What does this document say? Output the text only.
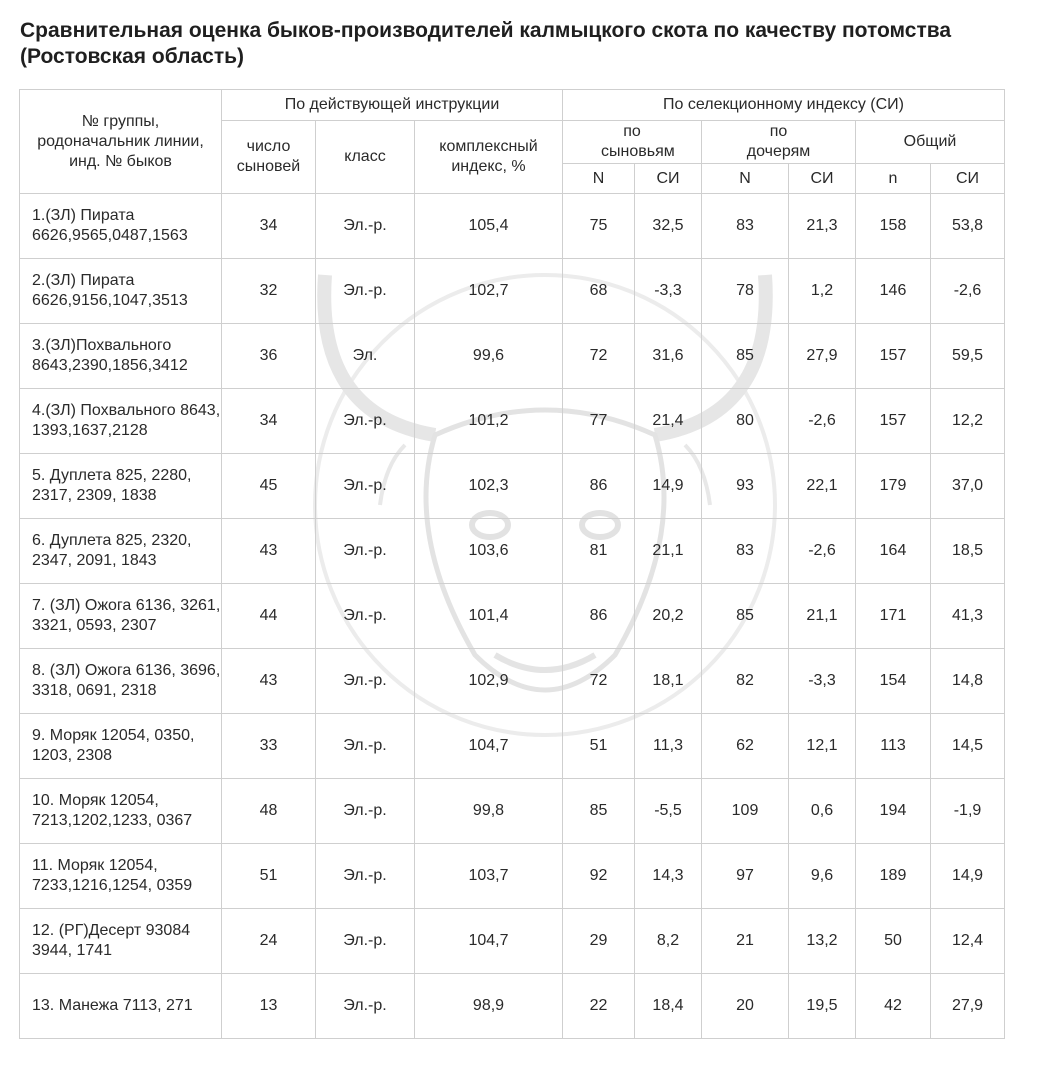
Сравнительная оценка быков-производителей калмыцкого скота по качеству потомства (Ростовская область)
№ группы, родоначальник линии, инд. № быков	По действующей инструкции			По селекционному индексу (СИ)					
	число сыновей	класс	комплексный индекс, %	по сыновьям		по дочерям		Общий	
				N	СИ	N	СИ	n	СИ
1.(ЗЛ) Пирата 6626,9565,0487,1563	34	Эл.-р.	105,4	75	32,5	83	21,3	158	53,8
2.(ЗЛ) Пирата 6626,9156,1047,3513	32	Эл.-р.	102,7	68	-3,3	78	1,2	146	-2,6
3.(ЗЛ)Похвального 8643,2390,1856,3412	36	Эл.	99,6	72	31,6	85	27,9	157	59,5
4.(ЗЛ) Похвального 8643, 1393,1637,2128	34	Эл.-р.	101,2	77	21,4	80	-2,6	157	12,2
5. Дуплета 825, 2280, 2317, 2309, 1838	45	Эл.-р.	102,3	86	14,9	93	22,1	179	37,0
6. Дуплета 825, 2320, 2347, 2091, 1843	43	Эл.-р.	103,6	81	21,1	83	-2,6	164	18,5
7. (ЗЛ) Ожога 6136, 3261, 3321, 0593, 2307	44	Эл.-р.	101,4	86	20,2	85	21,1	171	41,3
8. (ЗЛ) Ожога 6136, 3696, 3318, 0691, 2318	43	Эл.-р.	102,9	72	18,1	82	-3,3	154	14,8
9. Моряк 12054, 0350, 1203, 2308	33	Эл.-р.	104,7	51	11,3	62	12,1	113	14,5
10. Моряк 12054, 7213,1202,1233, 0367	48	Эл.-р.	99,8	85	-5,5	109	0,6	194	-1,9
11. Моряк 12054, 7233,1216,1254, 0359	51	Эл.-р.	103,7	92	14,3	97	9,6	189	14,9
12. (РГ)Десерт 93084 3944, 1741	24	Эл.-р.	104,7	29	8,2	21	13,2	50	12,4
13. Манежа 7113, 271	13	Эл.-р.	98,9	22	18,4	20	19,5	42	27,9
